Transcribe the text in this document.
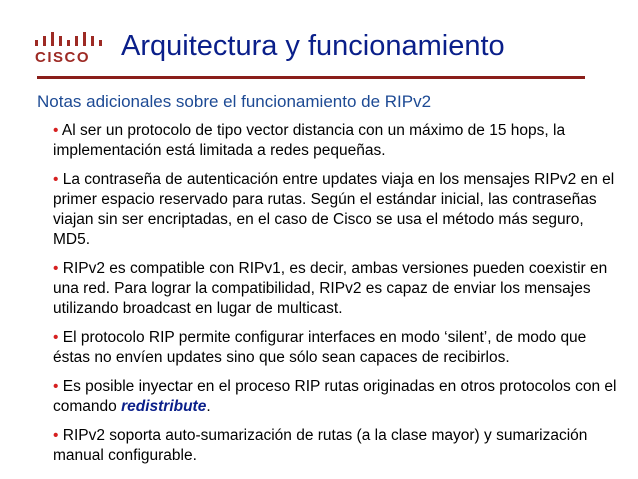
CISCO Arquitectura y funcionamiento
Notas adicionales sobre el funcionamiento de RIPv2
• Al ser un protocolo de tipo vector distancia con un máximo de 15 hops, la implementación está limitada a redes pequeñas.
• La contraseña de autenticación entre updates viaja en los mensajes RIPv2 en el primer espacio reservado para rutas. Según el estándar inicial, las contraseñas viajan sin ser encriptadas, en el caso de Cisco se usa el método más seguro, MD5.
• RIPv2 es compatible con RIPv1, es decir, ambas versiones pueden coexistir en una red. Para lograr la compatibilidad, RIPv2 es capaz de enviar los mensajes utilizando broadcast en lugar de multicast.
• El protocolo RIP permite configurar interfaces en modo ‘silent’, de modo que éstas no envíen updates sino que sólo sean capaces de recibirlos.
• Es posible inyectar en el proceso RIP rutas originadas en otros protocolos con el comando redistribute.
• RIPv2 soporta auto-sumarización de rutas (a la clase mayor) y sumarización manual configurable.
